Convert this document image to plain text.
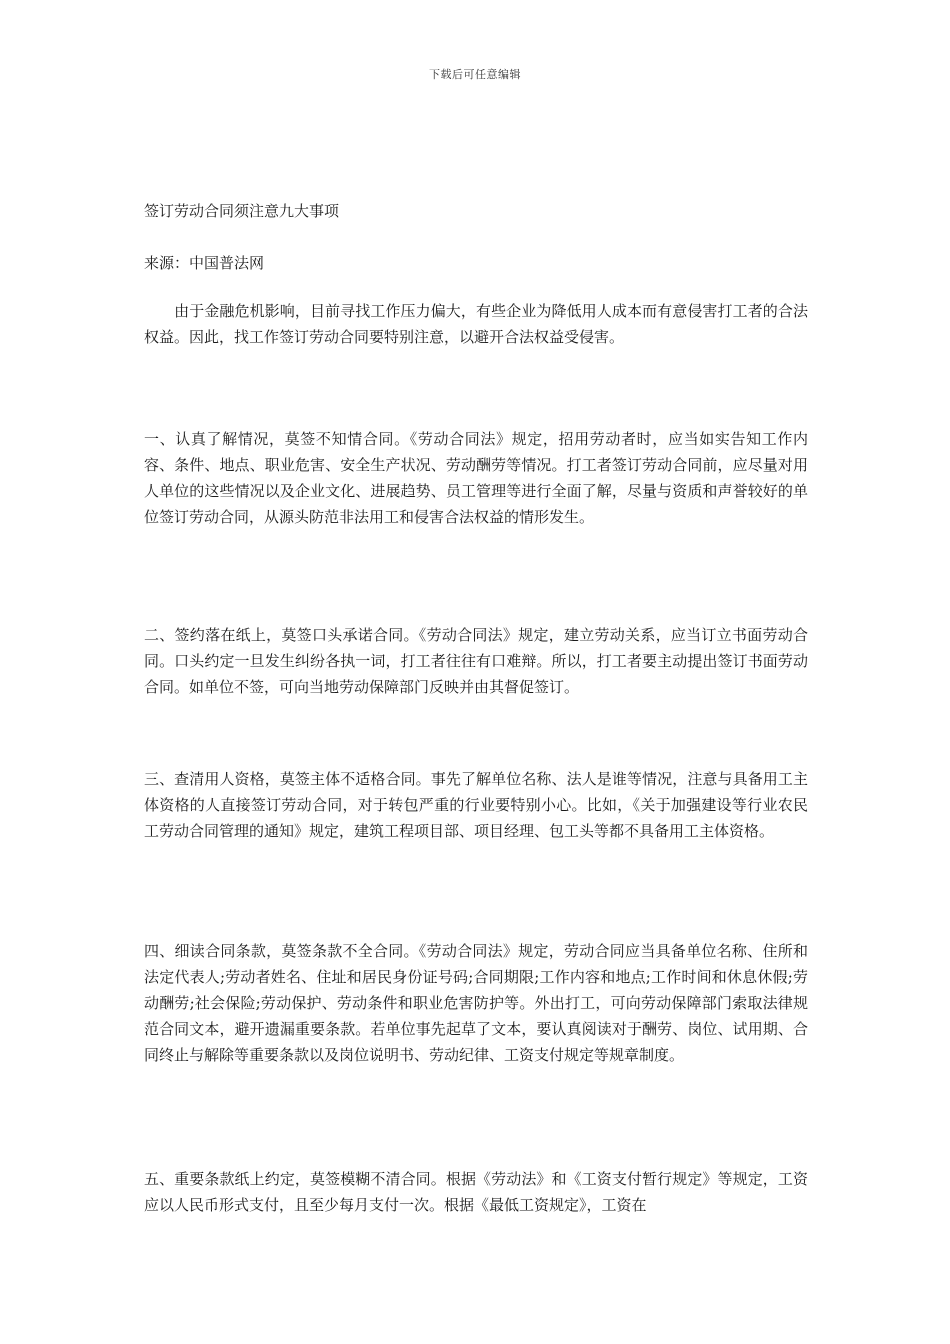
下载后可任意编辑
签订劳动合同须注意九大事项
来源：中国普法网
由于金融危机影响，目前寻找工作压力偏大，有些企业为降低用人成本而有意侵害打工者的合法权益。因此，找工作签订劳动合同要特别注意，以避开合法权益受侵害。
一、认真了解情况，莫签不知情合同。《劳动合同法》规定，招用劳动者时，应当如实告知工作内容、条件、地点、职业危害、安全生产状况、劳动酬劳等情况。打工者签订劳动合同前，应尽量对用人单位的这些情况以及企业文化、进展趋势、员工管理等进行全面了解，尽量与资质和声誉较好的单位签订劳动合同，从源头防范非法用工和侵害合法权益的情形发生。
二、签约落在纸上，莫签口头承诺合同。《劳动合同法》规定，建立劳动关系，应当订立书面劳动合同。口头约定一旦发生纠纷各执一词，打工者往往有口难辩。所以，打工者要主动提出签订书面劳动合同。如单位不签，可向当地劳动保障部门反映并由其督促签订。
三、查清用人资格，莫签主体不适格合同。事先了解单位名称、法人是谁等情况，注意与具备用工主体资格的人直接签订劳动合同，对于转包严重的行业要特别小心。比如，《关于加强建设等行业农民工劳动合同管理的通知》规定，建筑工程项目部、项目经理、包工头等都不具备用工主体资格。
四、细读合同条款，莫签条款不全合同。《劳动合同法》规定，劳动合同应当具备单位名称、住所和法定代表人;劳动者姓名、住址和居民身份证号码;合同期限;工作内容和地点;工作时间和休息休假;劳动酬劳;社会保险;劳动保护、劳动条件和职业危害防护等。外出打工，可向劳动保障部门索取法律规范合同文本，避开遗漏重要条款。若单位事先起草了文本，要认真阅读对于酬劳、岗位、试用期、合同终止与解除等重要条款以及岗位说明书、劳动纪律、工资支付规定等规章制度。
五、重要条款纸上约定，莫签模糊不清合同。根据《劳动法》和《工资支付暂行规定》等规定，工资应以人民币形式支付，且至少每月支付一次。根据《最低工资规定》，工资在
